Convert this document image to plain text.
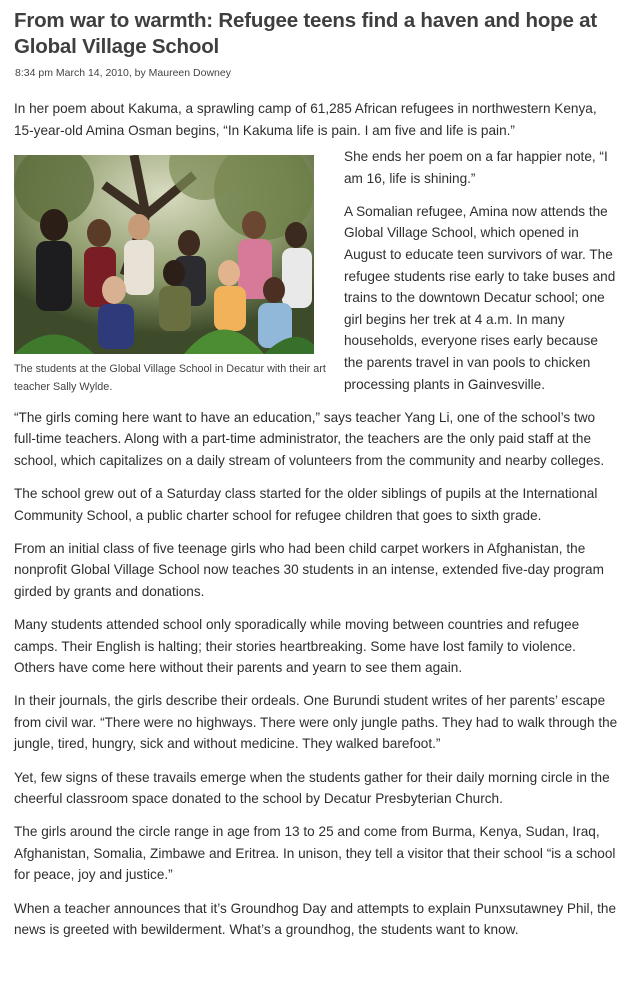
From war to warmth: Refugee teens find a haven and hope at Global Village School
8:34 pm March 14, 2010, by Maureen Downey

In her poem about Kakuma, a sprawling camp of 61,285 African refugees in northwestern Kenya, 15-year-old Amina Osman begins, “In Kakuma life is pain. I am five and life is pain.”

The students at the Global Village School in Decatur with their art teacher Sally Wylde.

She ends her poem on a far happier note, “I am 16, life is shining.”

A Somalian refugee, Amina now attends the Global Village School, which opened in August to educate teen survivors of war. The refugee students rise early to take buses and trains to the downtown Decatur school; one girl begins her trek at 4 a.m. In many households, everyone rises early because the parents travel in van pools to chicken processing plants in Gainvesville.

“The girls coming here want to have an education,” says teacher Yang Li, one of the school’s two full-time teachers. Along with a part-time administrator, the teachers are the only paid staff at the school, which capitalizes on a daily stream of volunteers from the community and nearby colleges.

The school grew out of a Saturday class started for the older siblings of pupils at the International Community School, a public charter school for refugee children that goes to sixth grade.

From an initial class of five teenage girls who had been child carpet workers in Afghanistan, the nonprofit Global Village School now teaches 30 students in an intense, extended five-day program girded by grants and donations.

Many students attended school only sporadically while moving between countries and refugee camps. Their English is halting; their stories heartbreaking. Some have lost family to violence. Others have come here without their parents and yearn to see them again.

In their journals, the girls describe their ordeals. One Burundi student writes of her parents’ escape from civil war. “There were no highways. There were only jungle paths. They had to walk through the jungle, tired, hungry, sick and without medicine. They walked barefoot.”

Yet, few signs of these travails emerge when the students gather for their daily morning circle in the cheerful classroom space donated to the school by Decatur Presbyterian Church.

The girls around the circle range in age from 13 to 25 and come from Burma, Kenya, Sudan, Iraq, Afghanistan, Somalia, Zimbawe and Eritrea. In unison, they tell a visitor that their school “is a school for peace, joy and justice.”

When a teacher announces that it’s Groundhog Day and attempts to explain Punxsutawney Phil, the news is greeted with bewilderment. What’s a groundhog, the students want to know.
